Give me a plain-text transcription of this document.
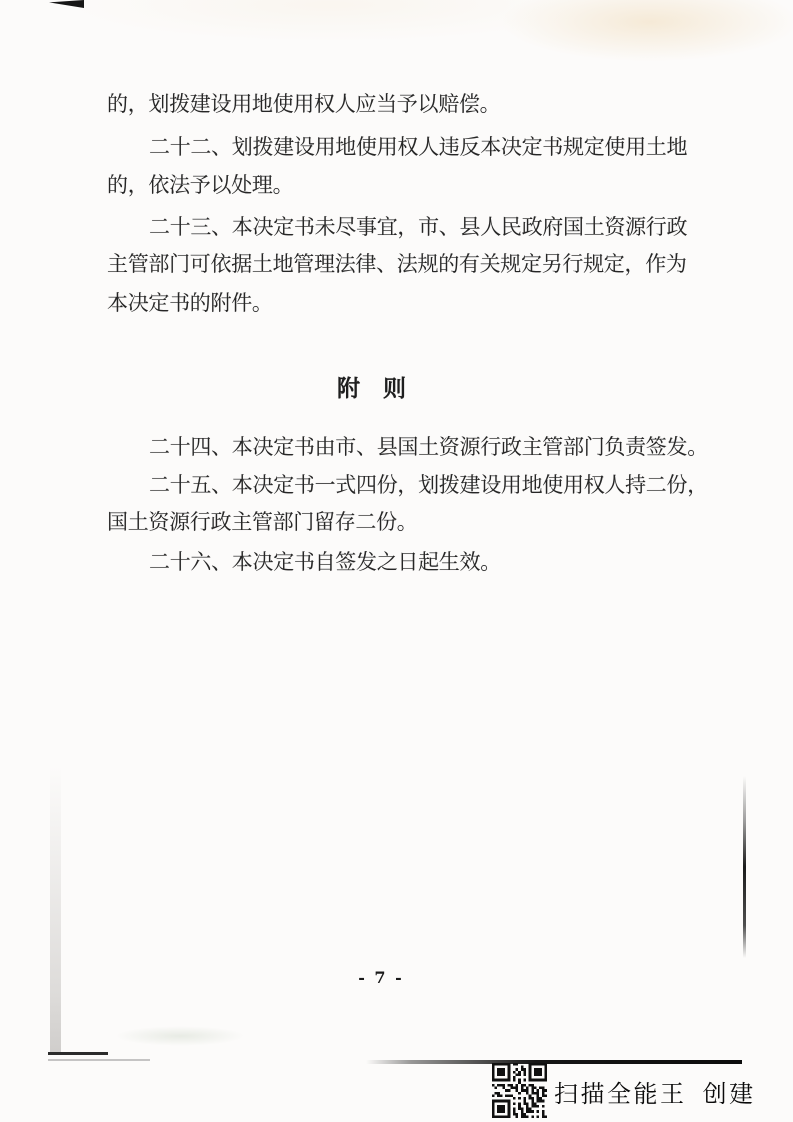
的，划拨建设用地使用权人应当予以赔偿。
二十二、划拨建设用地使用权人违反本决定书规定使用土地
的，依法予以处理。
二十三、本决定书未尽事宜，市、县人民政府国土资源行政
主管部门可依据土地管理法律、法规的有关规定另行规定，作为
本决定书的附件。
附　则
二十四、本决定书由市、县国土资源行政主管部门负责签发。
二十五、本决定书一式四份，划拨建设用地使用权人持二份，
国土资源行政主管部门留存二份。
二十六、本决定书自签发之日起生效。
- 7 -
扫描全能王 创建
